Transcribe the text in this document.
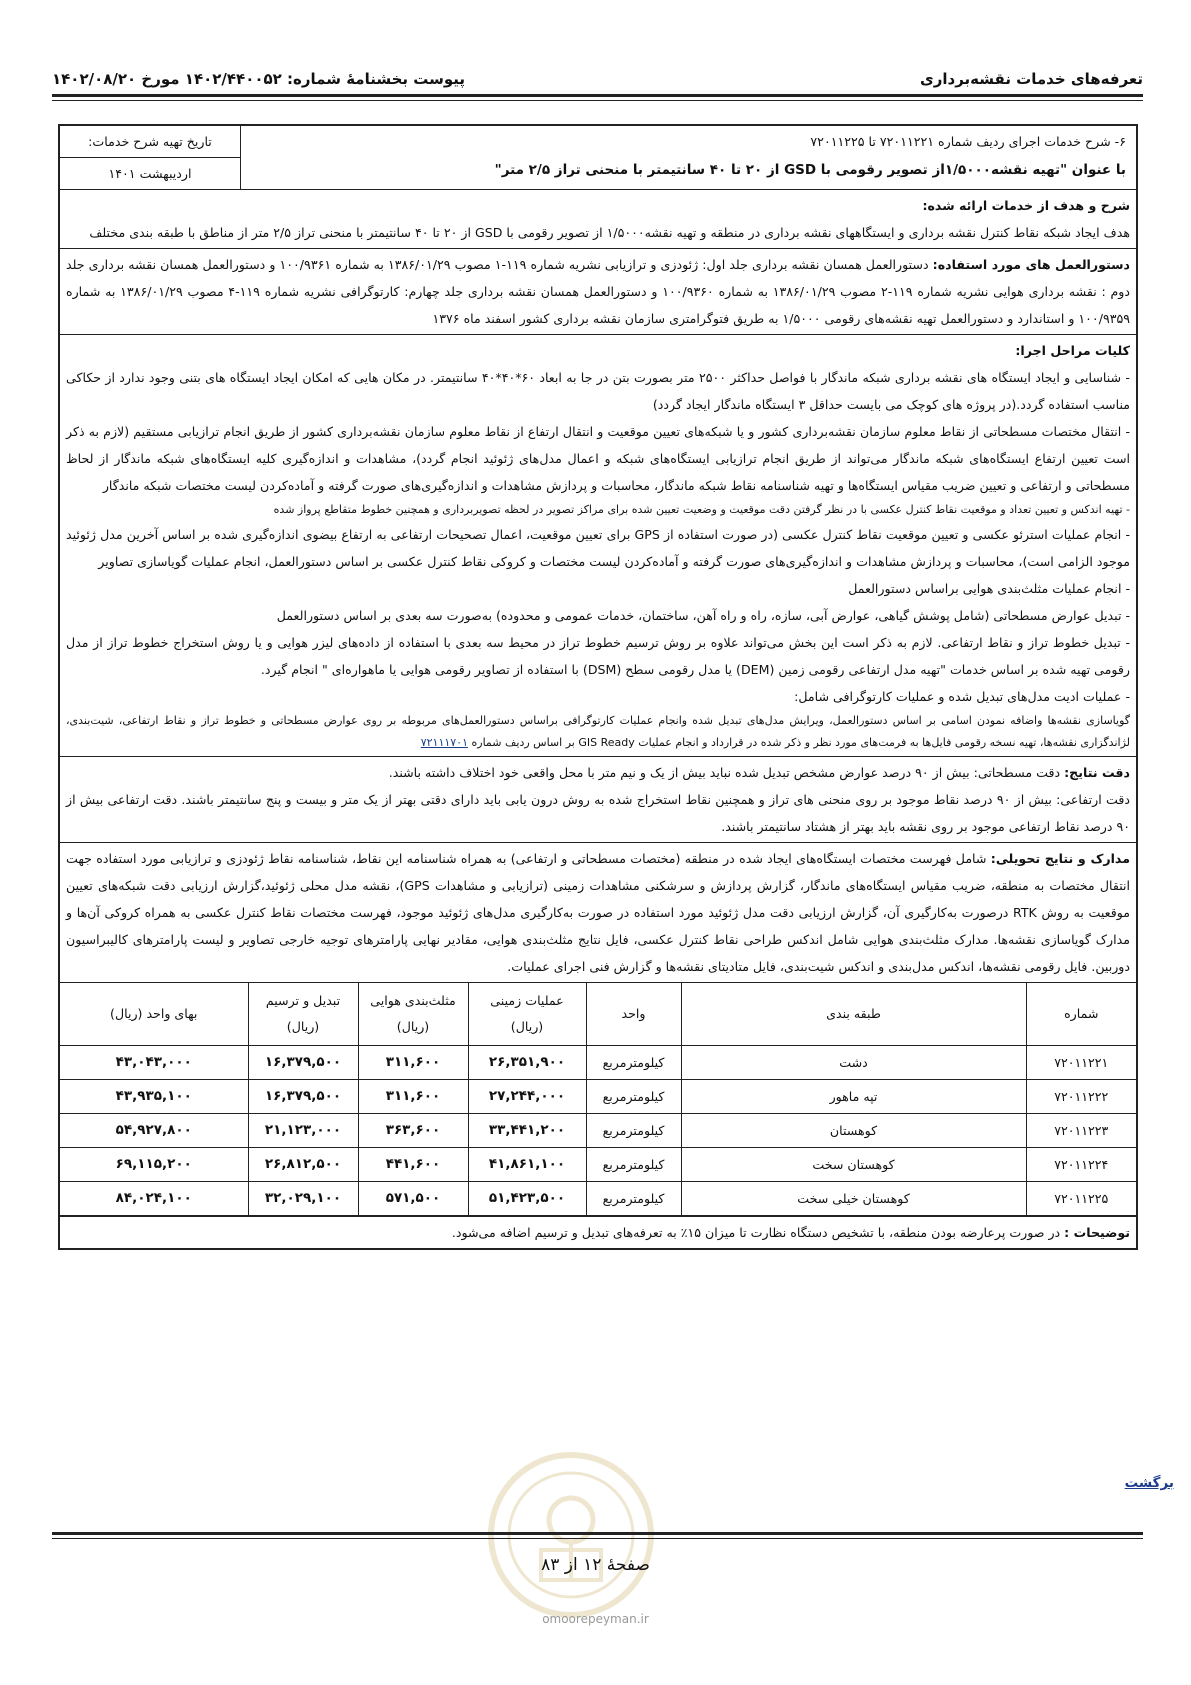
تعرفه‌های خدمات نقشه‌برداری
پیوست بخشنامهٔ شماره: ۱۴۰۲/۴۴۰۰۵۲ مورخ ۱۴۰۲/۰۸/۲۰
۶- شرح خدمات اجرای ردیف شماره ۷۲۰۱۱۲۲۱ تا ۷۲۰۱۱۲۲۵
با عنوان "تهیه نقشه‌۱/۵۰۰۰از تصویر رقومی با GSD از ۲۰ تا ۴۰ سانتیمتر با منحنی تراز ۲/۵ متر"
تاریخ تهیه شرح خدمات:
اردیبهشت ۱۴۰۱

شرح و هدف از خدمات ارائه شده:

هدف ایجاد شبکه نقاط کنترل نقشه برداری و ایستگاههای نقشه برداری در منطقه و تهیه نقشه۱/۵۰۰۰ از تصویر رقومی با GSD از ۲۰ تا ۴۰ سانتیمتر با منحنی تراز ۲/۵ متر از مناطق با طبقه بندی مختلف

دستورالعمل های مورد استفاده: دستورالعمل همسان نقشه برداری جلد اول: ژئودزی و ترازیابی نشریه شماره ۱۱۹-۱ مصوب ۱۳۸۶/۰۱/۲۹ به شماره ۱۰۰/۹۳۶۱ و دستورالعمل همسان نقشه برداری جلد دوم : نقشه برداری هوایی نشریه شماره ۱۱۹-۲ مصوب ۱۳۸۶/۰۱/۲۹ به شماره ۱۰۰/۹۳۶۰ و دستورالعمل همسان نقشه برداری جلد چهارم: کارتوگرافی نشریه شماره ۱۱۹-۴ مصوب ۱۳۸۶/۰۱/۲۹ به شماره ۱۰۰/۹۳۵۹ و استاندارد و دستورالعمل تهیه نقشه‌های رقومی ۱/۵۰۰۰ به طریق فتوگرامتری سازمان نقشه برداری کشور اسفند ماه ۱۳۷۶

کلیات مراحل اجرا:

- شناسایی و ایجاد ایستگاه های نقشه برداری شبکه ماندگار با فواصل حداکثر ۲۵۰۰ متر بصورت بتن در جا به ابعاد ۶۰*۴۰*۴۰ سانتیمتر. در مکان هایی که امکان ایجاد ایستگاه های بتنی وجود ندارد از حکاکی مناسب استفاده گردد.(در پروژه های کوچک می بایست حداقل ۳ ایستگاه ماندگار ایجاد گردد)

- انتقال مختصات مسطحاتی از نقاط معلوم سازمان نقشه‌برداری کشور و یا شبکه‌های تعیین موقعیت و انتقال ارتفاع از نقاط معلوم سازمان نقشه‌برداری کشور از طریق انجام ترازیابی مستقیم (لازم به ذکر است تعیین ارتفاع ایستگاه‌های شبکه ماندگار می‌تواند از طریق انجام ترازیابی ایستگاه‌های شبکه و اعمال مدل‌های ژئوئید انجام گردد)، مشاهدات و اندازه‌گیری کلیه ایستگاه‌های شبکه ماندگار از لحاظ مسطحاتی و ارتفاعی و تعیین ضریب مقیاس ایستگاه‌ها و تهیه شناسنامه نقاط شبکه ماندگار، محاسبات و پردازش مشاهدات و اندازه‌گیری‌های صورت گرفته و آماده‌کردن لیست مختصات شبکه ماندگار

- تهیه اندکس و تعیین تعداد و موقعیت نقاط کنترل عکسی با در نظر گرفتن دقت موقعیت و وضعیت تعیین شده برای مراکز تصویر در لحظه تصویربرداری و همچنین خطوط متقاطع پرواز شده

- انجام عملیات استرئو عکسی و تعیین موقعیت نقاط کنترل عکسی (در صورت استفاده از GPS برای تعیین موقعیت، اعمال تصحیحات ارتفاعی به ارتفاع بیضوی اندازه‌گیری شده بر اساس آخرین مدل ژئوئید موجود الزامی است)، محاسبات و پردازش مشاهدات و اندازه‌گیری‌های صورت گرفته و آماده‌کردن لیست مختصات و کروکی نقاط کنترل عکسی بر اساس دستورالعمل، انجام عملیات گویاسازی تصاویر

- انجام عملیات مثلث‌بندی هوایی براساس دستورالعمل

- تبدیل عوارض مسطحاتی (شامل پوشش گیاهی، عوارض آبی، سازه، راه و راه آهن، ساختمان، خدمات عمومی و محدوده) به‌صورت سه بعدی بر اساس دستورالعمل

- تبدیل خطوط تراز و نقاط ارتفاعی. لازم به ذکر است این بخش می‌تواند علاوه بر روش ترسیم خطوط تراز در محیط سه بعدی با استفاده از داده‌های لیزر هوایی و یا روش استخراج خطوط تراز از مدل رقومی تهیه شده بر اساس خدمات "تهیه مدل ارتفاعی رقومی زمین (DEM) یا مدل رقومی سطح (DSM) با استفاده از تصاویر رقومی هوایی یا ماهواره‌ای " انجام گیرد.

- عملیات ادیت مدل‌های تبدیل شده و عملیات کارتوگرافی شامل:

گویاسازی نقشه‌ها واضافه نمودن اسامی بر اساس دستورالعمل، ویرایش مدل‌های تبدیل شده وانجام عملیات کارتوگرافی براساس دستورالعمل‌های مربوطه بر روی عوارض مسطحاتی و خطوط تراز و نقاط ارتفاعی، شیت‌بندی، لژاندگزاری نقشه‌ها، تهیه نسخه رقومی فایل‌ها به فرمت‌های مورد نظر و ذکر شده در قرارداد و انجام عملیات GIS Ready بر اساس ردیف شماره ۷۲۱۱۱۷۰۱

دقت نتایج: دقت مسطحاتی: بیش از ۹۰ درصد عوارض مشخص تبدیل شده نباید بیش از یک و نیم متر با محل واقعی خود اختلاف داشته باشند.

دقت ارتفاعی: بیش از ۹۰ درصد نقاط موجود بر روی منحنی های تراز و همچنین نقاط استخراج شده به روش درون یابی باید دارای دقتی بهتر از یک متر و بیست و پنج سانتیمتر باشند. دقت ارتفاعی بیش از ۹۰ درصد نقاط ارتفاعی موجود بر روی نقشه باید بهتر از هشتاد سانتیمتر باشند.

مدارک و نتایج تحویلی: شامل فهرست مختصات ایستگاه‌های ایجاد شده در منطقه (مختصات مسطحاتی و ارتفاعی) به همراه شناسنامه این نقاط، شناسنامه نقاط ژئودزی و ترازیابی مورد استفاده جهت انتقال مختصات به منطقه، ضریب مقیاس ایستگاه‌های ماندگار، گزارش پردازش و سرشکنی مشاهدات زمینی (ترازیابی و مشاهدات GPS)، نقشه مدل محلی ژئوئید،گزارش ارزیابی دقت شبکه‌های تعیین موقعیت به روش RTK درصورت به‌کارگیری آن، گزارش ارزیابی دقت مدل ژئوئید مورد استفاده در صورت به‌کارگیری مدل‌های ژئوئید موجود، فهرست مختصات نقاط کنترل عکسی به همراه کروکی آن‌ها و مدارک گویاسازی نقشه‌ها. مدارک مثلث‌بندی هوایی شامل اندکس طراحی نقاط کنترل عکسی، فایل نتایج مثلث‌بندی هوایی، مقادیر نهایی پارامترهای توجیه خارجی تصاویر و لیست پارامترهای کالیبراسیون دوربین. فایل رقومی نقشه‌ها، اندکس مدل‌بندی و اندکس شیت‌بندی، فایل متادیتای نقشه‌ها و گزارش فنی اجرای عملیات.

شماره	طبقه بندی	واحد	عملیات زمینی (ریال)	مثلث‌بندی هوایی (ریال)	تبدیل و ترسیم (ریال)	بهای واحد (ریال)
۷۲۰۱۱۲۲۱	دشت	کیلومترمربع	۲۶,۳۵۱,۹۰۰	۳۱۱,۶۰۰	۱۶,۳۷۹,۵۰۰	۴۳,۰۴۳,۰۰۰
۷۲۰۱۱۲۲۲	تپه ماهور	کیلومترمربع	۲۷,۲۴۴,۰۰۰	۳۱۱,۶۰۰	۱۶,۳۷۹,۵۰۰	۴۳,۹۳۵,۱۰۰
۷۲۰۱۱۲۲۳	کوهستان	کیلومترمربع	۳۳,۴۴۱,۲۰۰	۳۶۳,۶۰۰	۲۱,۱۲۳,۰۰۰	۵۴,۹۲۷,۸۰۰
۷۲۰۱۱۲۲۴	کوهستان سخت	کیلومترمربع	۴۱,۸۶۱,۱۰۰	۴۴۱,۶۰۰	۲۶,۸۱۲,۵۰۰	۶۹,۱۱۵,۲۰۰
۷۲۰۱۱۲۲۵	کوهستان خیلی سخت	کیلومترمربع	۵۱,۴۲۳,۵۰۰	۵۷۱,۵۰۰	۳۲,۰۲۹,۱۰۰	۸۴,۰۲۴,۱۰۰

توضیحات : در صورت پرعارضه بودن منطقه، با تشخیص دستگاه نظارت تا میزان ۱۵٪ به تعرفه‌های تبدیل و ترسیم اضافه می‌شود.

برگشت
صفحهٔ ۱۲ از ۸۳
omoorepeyman.ir
